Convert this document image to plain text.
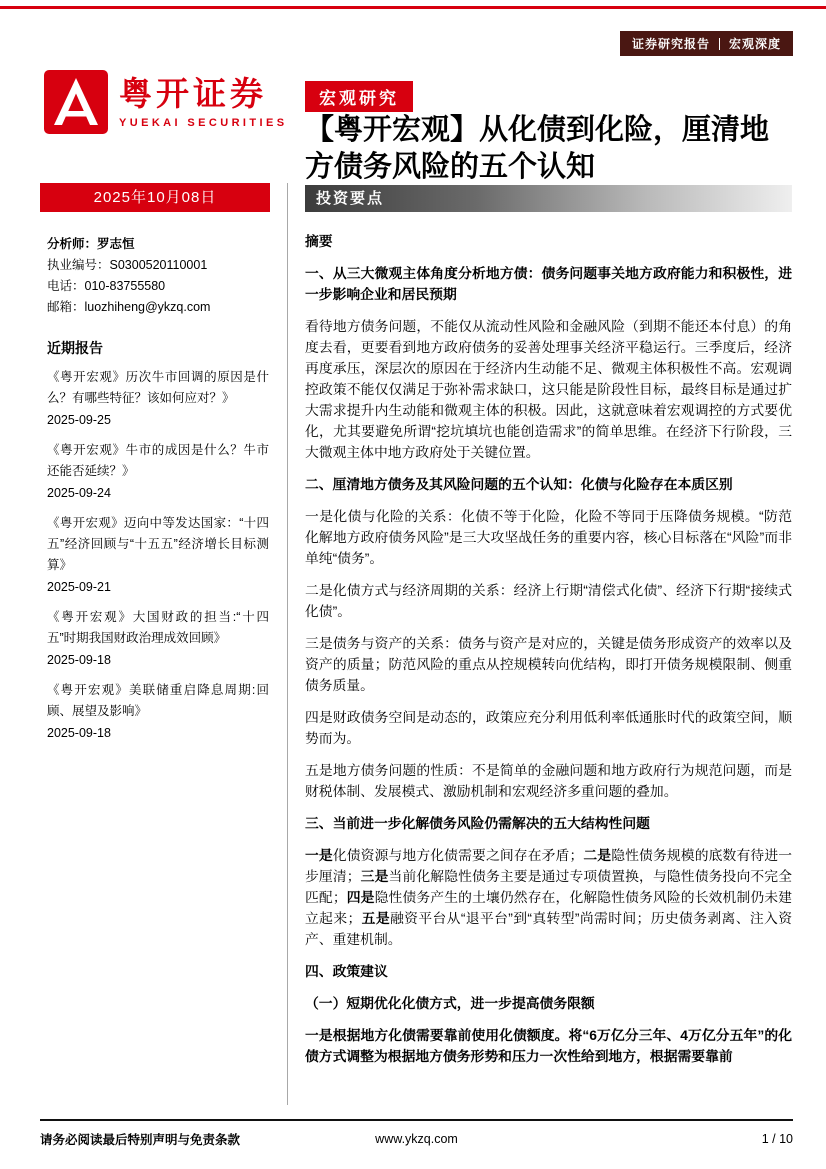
证券研究报告 宏观深度
粤开证券
YUEKAI SECURITIES
2025年10月08日
分析师：罗志恒
执业编号：S0300520110001
电话：010-83755580
邮箱：luozhiheng@ykzq.com
近期报告
《粤开宏观》历次牛市回调的原因是什么？有哪些特征？该如何应对？》
2025-09-25
《粤开宏观》牛市的成因是什么？牛市还能否延续？》
2025-09-24
《粤开宏观》迈向中等发达国家：“十四五”经济回顾与“十五五”经济增长目标测算》
2025-09-21
《粤开宏观》大国财政的担当:“十四五”时期我国财政治理成效回顾》
2025-09-18
《粤开宏观》美联储重启降息周期:回顾、展望及影响》
2025-09-18
宏观研究
【粤开宏观】从化债到化险，厘清地方债务风险的五个认知
投资要点
摘要
一、从三大微观主体角度分析地方债：债务问题事关地方政府能力和积极性，进一步影响企业和居民预期
看待地方债务问题，不能仅从流动性风险和金融风险（到期不能还本付息）的角度去看，更要看到地方政府债务的妥善处理事关经济平稳运行。三季度后，经济再度承压，深层次的原因在于经济内生动能不足、微观主体积极性不高。宏观调控政策不能仅仅满足于弥补需求缺口，这只能是阶段性目标，最终目标是通过扩大需求提升内生动能和微观主体的积极。因此，这就意味着宏观调控的方式要优化，尤其要避免所谓“挖坑填坑也能创造需求”的简单思维。在经济下行阶段，三大微观主体中地方政府处于关键位置。
二、厘清地方债务及其风险问题的五个认知：化债与化险存在本质区别
一是化债与化险的关系：化债不等于化险，化险不等同于压降债务规模。“防范化解地方政府债务风险”是三大攻坚战任务的重要内容，核心目标落在“风险”而非单纯“债务”。
二是化债方式与经济周期的关系：经济上行期“清偿式化债”、经济下行期“接续式化债”。
三是债务与资产的关系：债务与资产是对应的，关键是债务形成资产的效率以及资产的质量；防范风险的重点从控规模转向优结构，即打开债务规模限制、侧重债务质量。
四是财政债务空间是动态的，政策应充分利用低利率低通胀时代的政策空间，顺势而为。
五是地方债务问题的性质：不是简单的金融问题和地方政府行为规范问题，而是财税体制、发展模式、激励机制和宏观经济多重问题的叠加。
三、当前进一步化解债务风险仍需解决的五大结构性问题
一是化债资源与地方化债需要之间存在矛盾；二是隐性债务规模的底数有待进一步厘清；三是当前化解隐性债务主要是通过专项债置换，与隐性债务投向不完全匹配；四是隐性债务产生的土壤仍然存在，化解隐性债务风险的长效机制仍未建立起来；五是融资平台从“退平台”到“真转型”尚需时间；历史债务剥离、注入资产、重建机制。
四、政策建议
（一）短期优化化债方式，进一步提高债务限额
一是根据地方化债需要靠前使用化债额度。将“6万亿分三年、4万亿分五年”的化债方式调整为根据地方债务形势和压力一次性给到地方，根据需要靠前
请务必阅读最后特别声明与免责条款	www.ykzq.com	1 / 10
